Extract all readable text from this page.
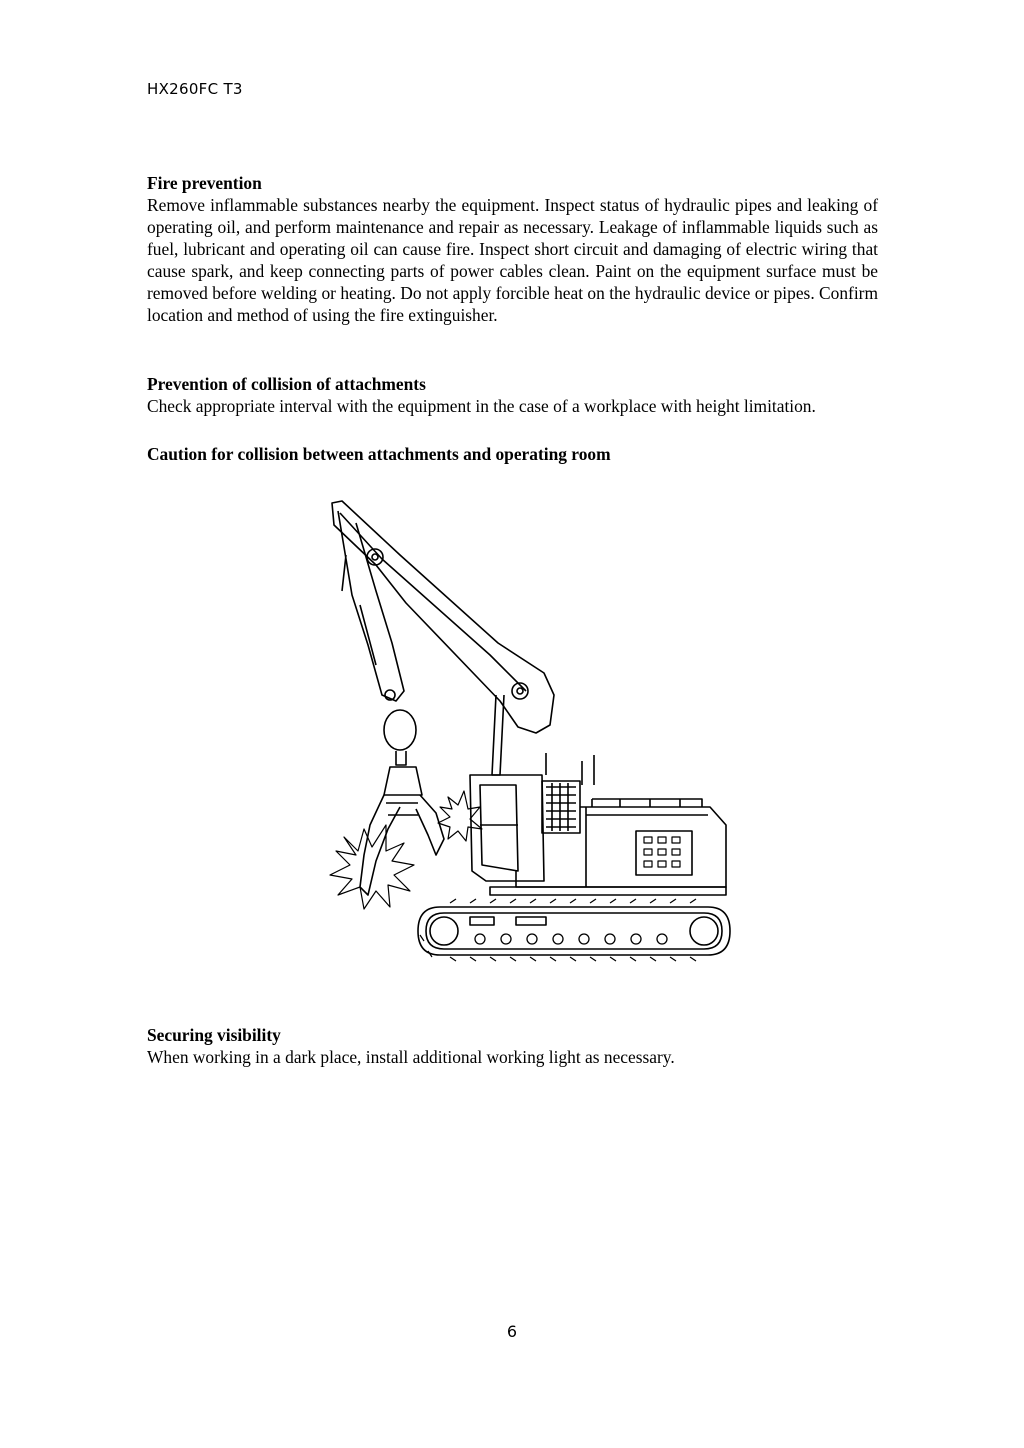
HX260FC T3
Fire prevention

Remove inflammable substances nearby the equipment. Inspect status of hydraulic pipes and leaking of operating oil, and perform maintenance and repair as necessary. Leakage of inflammable liquids such as fuel, lubricant and operating oil can cause fire. Inspect short circuit and damaging of electric wiring that cause spark, and keep connecting parts of power cables clean. Paint on the equipment surface must be removed before welding or heating. Do not apply forcible heat on the hydraulic device or pipes. Confirm location and method of using the fire extinguisher.

Prevention of collision of attachments

Check appropriate interval with the equipment in the case of a workplace with height limitation.

Caution for collision between attachments and operating room
Securing visibility

When working in a dark place, install additional working light as necessary.

6
